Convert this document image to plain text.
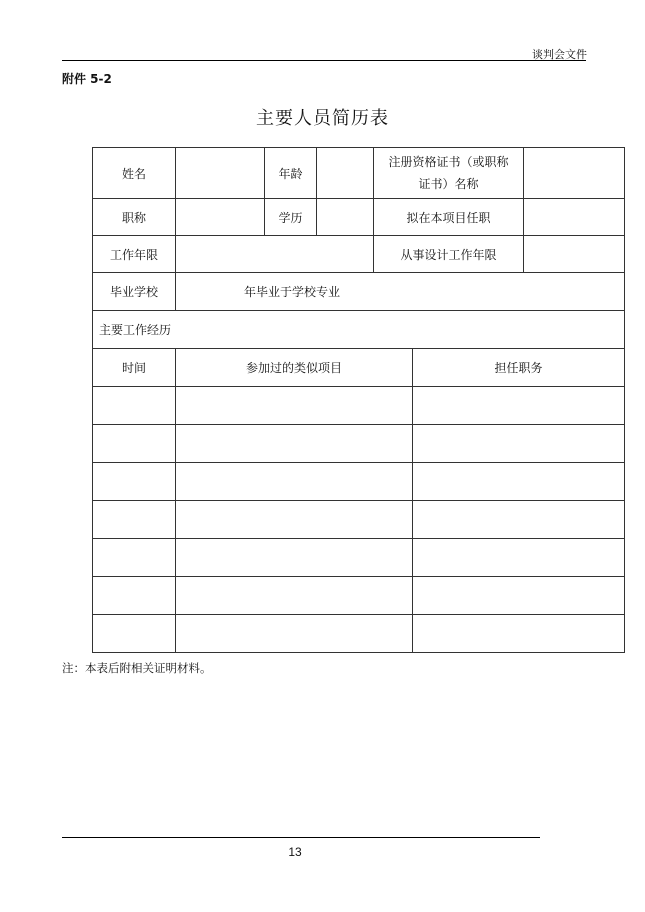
谈判会文件
附件 5-2
主要人员简历表
姓名		年龄		注册资格证书（或职称
证书）名称		

职称		学历		拟在本项目任职		
工作年限				从事设计工作年限		
毕业学校	年毕业于学校专业					
主要工作经历						
时间	参加过的类似项目				担任职务	

注：本表后附相关证明材料。
13
